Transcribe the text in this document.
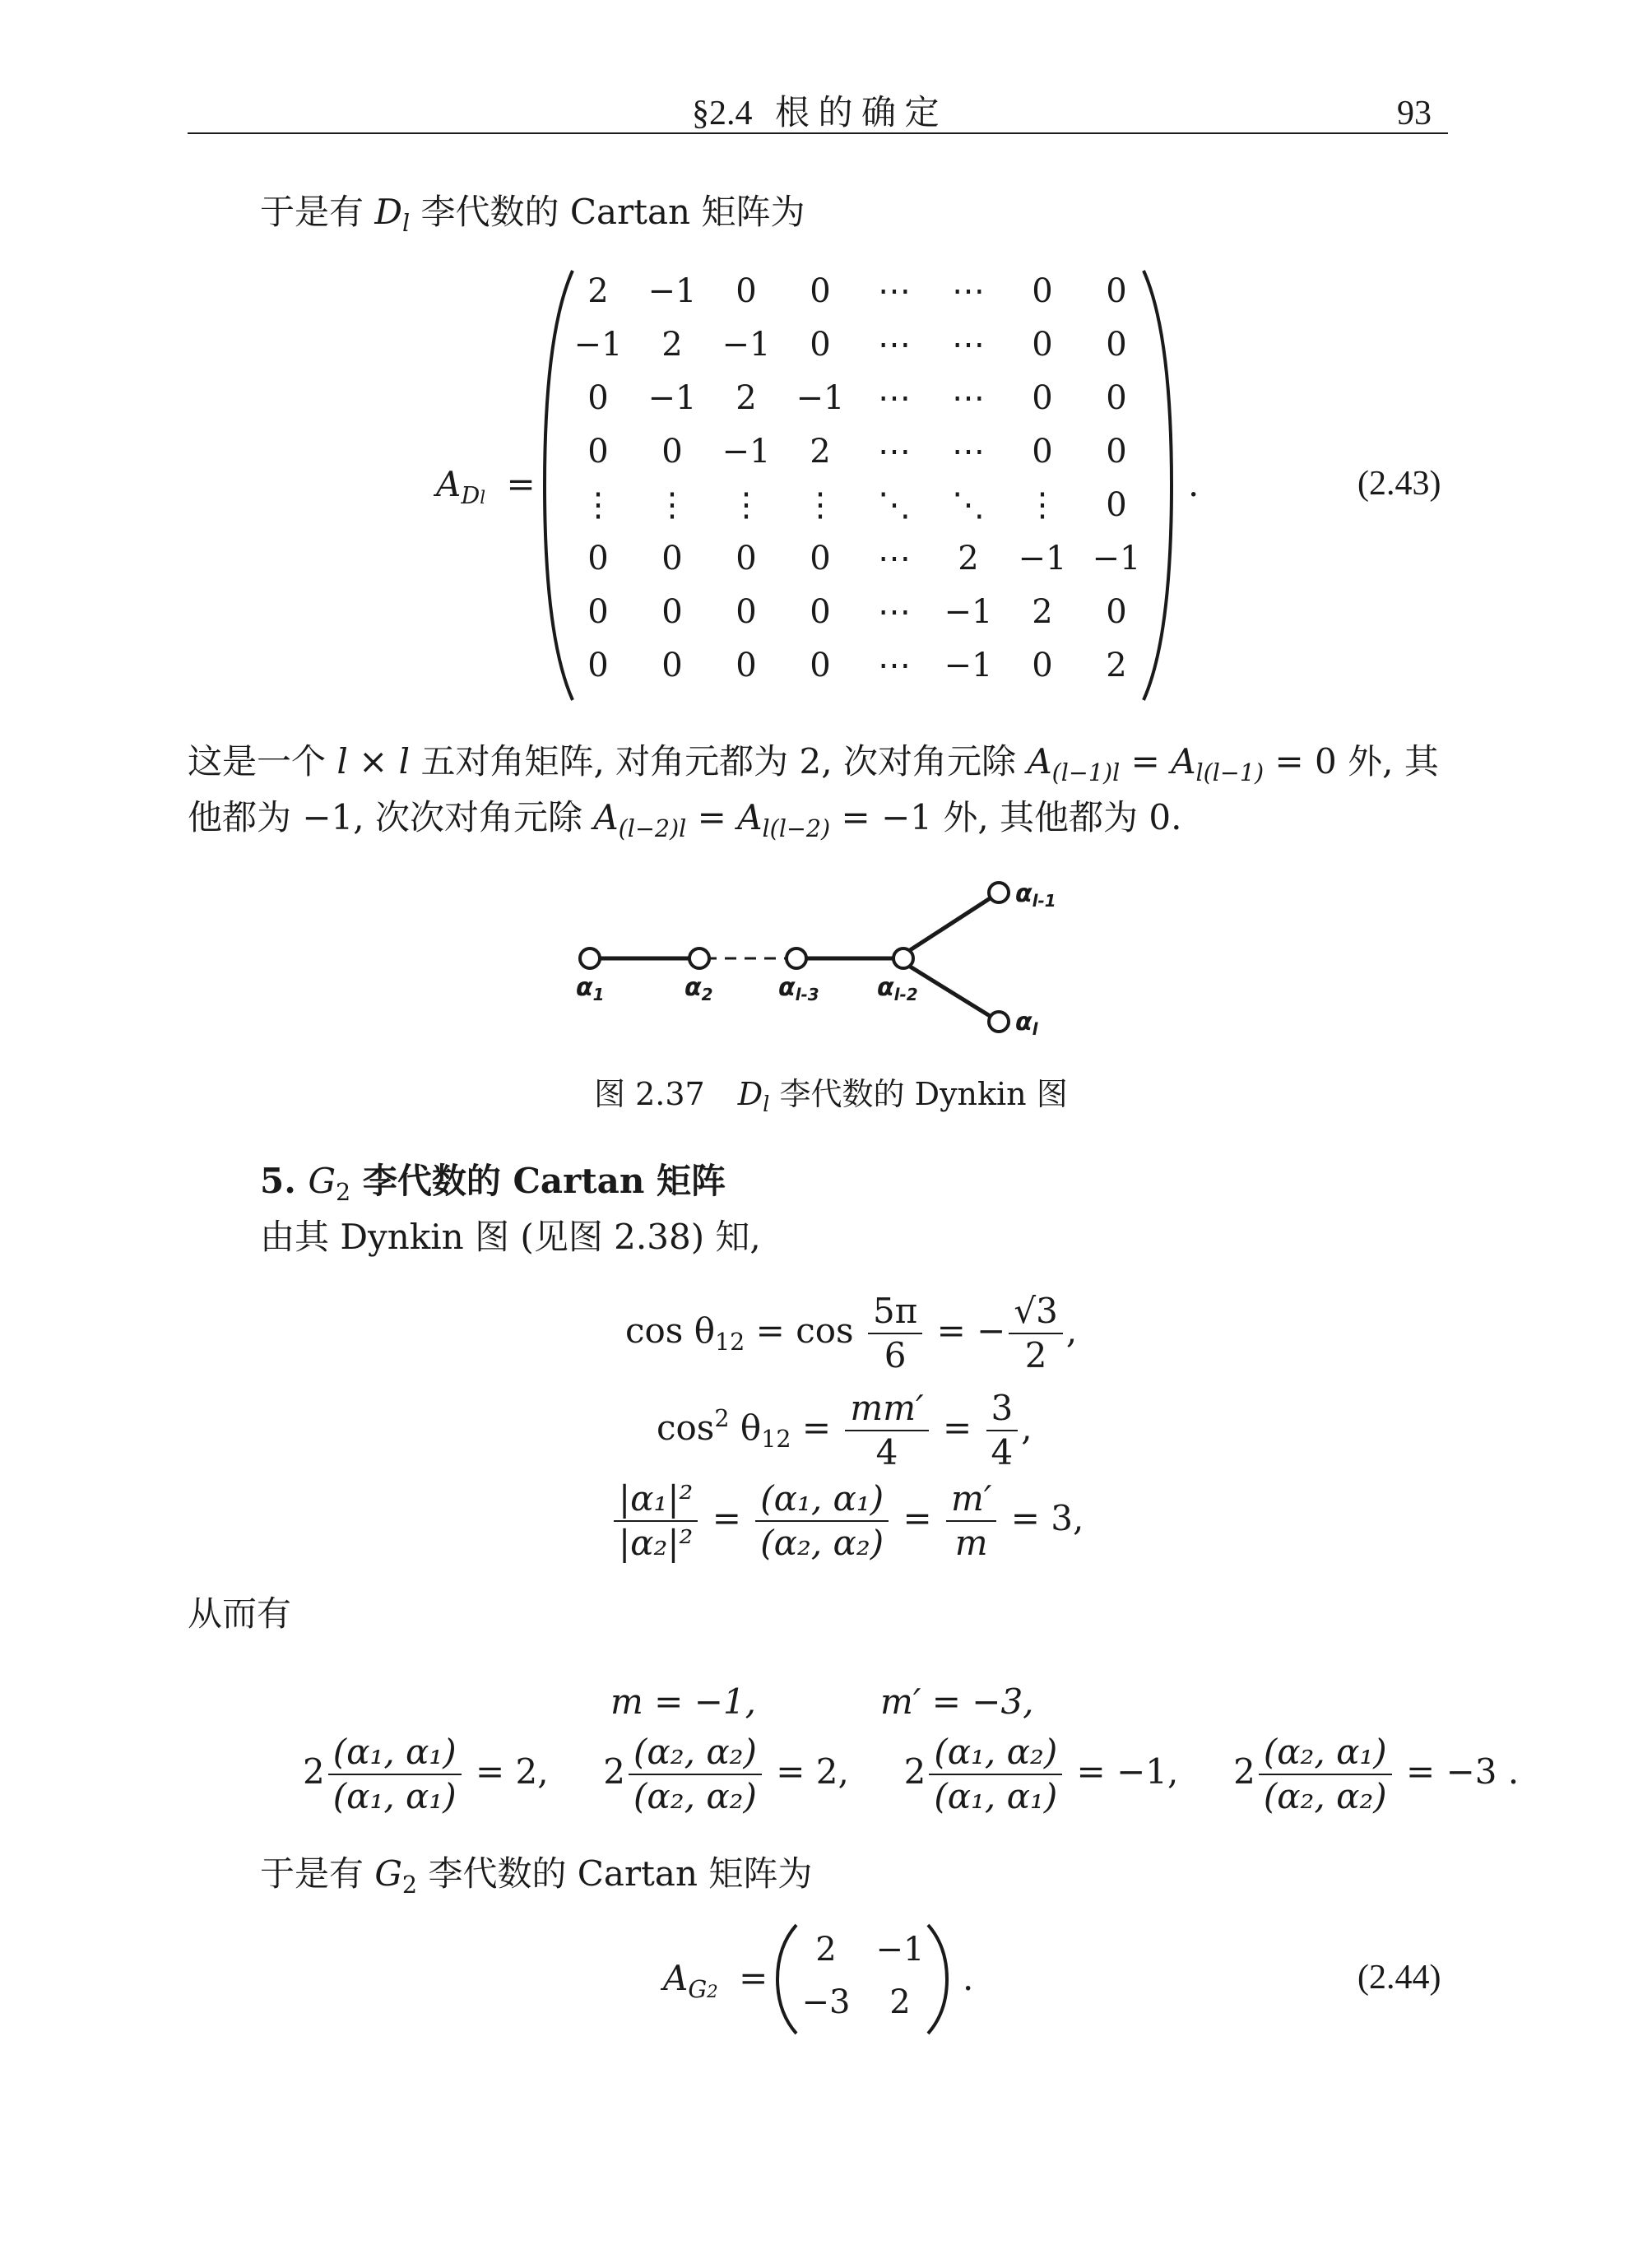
§2.4 根 的 确 定	93
于是有 $D_l$ 李代数的 Cartan 矩阵为
$A_{Dl}$ =
2	−1	0	0	⋯	⋯	0	0
−1	2	−1	0	⋯	⋯	0	0
0	−1	2	−1	⋯	⋯	0	0
0	0	−1	2	⋯	⋯	0	0
⋮	⋮	⋮	⋮	⋱	⋱	⋮	0
0	0	0	0	⋯	2	−1 −1
0	0	0	0	⋯	−1	2	0
0	0	0	0	⋯	−1	0	2
.	(2.43)
这是一个 l × l 五对角矩阵, 对角元都为 2, 次对角元除 $A_{(l-1)l} = A_{l(l-1)} = 0$ 外, 其
他都为 −1, 次次对角元除 $A_{(l-2)l} = A_{l(l-2)} = -1$ 外, 其他都为 0.
$\alpha_1$	$\alpha_2$	$\alpha_{l-3}$ $\alpha_{l-2}$
$\alpha_{l-1}$
$\alpha_l$
图 2.37 $D_l$ 李代数的 Dynkin 图
5. $G_2$ 李代数的 Cartan 矩阵
由其 Dynkin 图 (见图 2.38) 知,
$\cos \theta_{12} = \cos \frac{5\pi}{6}$ = − $\frac{√3}{2}$ ,
$\cos^2 \theta_{12} = \frac{mm'}{4} = \frac{3}{4}$ ,
$\frac{\text{|α₁|²}}{\text{|α₂|²}} = \frac{\text{(α₁, α₁)}}{\text{(α₂, α₂)}} = \frac{m'}{m} = 3$,
从而有
m = −1,	m′ = −3,
$2 \frac{\text{(α₁, α₁)}}{\text{(α₁, α₁)}} = 2$, $2 \frac{\text{(α₂, α₂)}}{\text{(α₂, α₂)}} = 2$, $2 \frac{\text{(α₁, α₂)}}{\text{(α₁, α₁)}} = -1$, $2 \frac{\text{(α₂, α₁)}}{\text{(α₂, α₂)}} = -3$ .
于是有 $G_2$ 李代数的 Cartan 矩阵为
$A_{G2}$ =
2	−1
−3	2
.	(2.44)
